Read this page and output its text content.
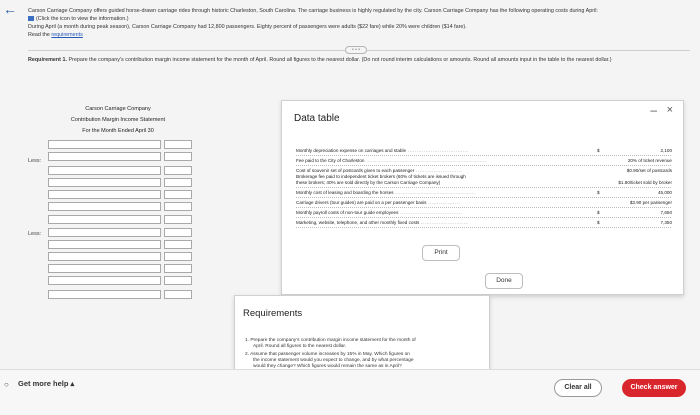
← Carson Carriage Company offers guided horse-drawn carriage rides through historic Charleston, South Carolina. The carriage business is highly regulated by the city. Carson Carriage Company has the following operating costs during April:
(Click the icon to view the information.)
During April (a month during peak season), Carson Carriage Company had 12,800 passengers. Eighty percent of passengers were adults ($22 fare) while 20% were children ($14 fare).
Read the requirements
• • •
Requirement 1. Prepare the company's contribution margin income statement for the month of April. Round all figures to the nearest dollar. (Do not round interim calculations or amounts. Round all amounts input in the table to the nearest dollar.)
Carson Carriage Company
Contribution Margin Income Statement
For the Month Ended April 30
Less:
Less:
Data table
– ×
Monthly depreciation expense on carriages and stable ..................................	$	2,100
Fee paid to the City of Charleston ....................................................................	20% of ticket revenue
Cost of souvenir set of postcards given to each passenger ..........................	$0.90/set of postcards
Brokerage fee paid to independent ticket brokers (60% of tickets are issued through
these brokers; 40% are sold directly by the Carson Carriage Company)	$1.80/ticket sold by broker
Monthly cost of leasing and boarding the horses .............................................	$	45,000
Carriage drivers (tour guides) are paid on a per passenger basis ..................	$3.90 per passenger
Monthly payroll costs of non-tour guide employees ...................................	$	7,650
Marketing, website, telephone, and other monthly fixed costs ...........................	$	7,350
Print
Done
Requirements
1. Prepare the company's contribution margin income statement for the month of
April. Round all figures to the nearest dollar.
2. Assume that passenger volume increases by 15% in May. Which figures on
the income statement would you expect to change, and by what percentage
would they change? Which figures would remain the same as in April?
○ Get more help ▴	Clear all	Check answer
